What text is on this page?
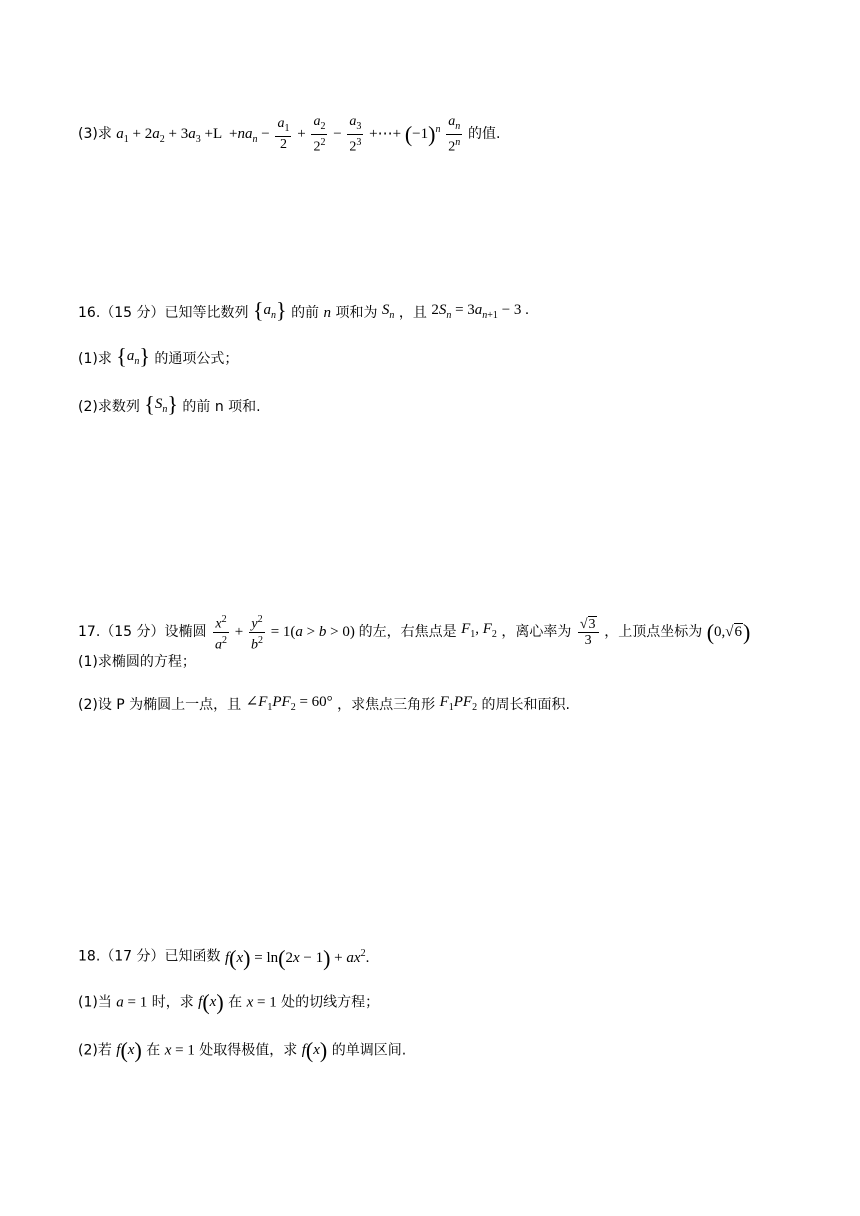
(3)求 $a_1 + 2a_2 + 3a_3 +L +na_n - \frac{a_1}{2} + \frac{a_2}{2^2} - \frac{a_3}{2^3}$ +⋯+ $(-1)^n \frac{a_n}{2^n}$ 的值.
16.（15 分）已知等比数列 $\{a_n\}$ 的前 n 项和为 $S_n$ ，且 $2S_n = 3a_{n+1} - 3$ .
(1)求 $\{a_n\}$ 的通项公式；
(2)求数列 $\{S_n\}$ 的前 n 项和.
17.（15 分）设椭圆 $\frac{x^2}{a^2} + \frac{y^2}{b^2} = 1(a > b > 0)$ 的左，右焦点是 $F_1$, $F_2$ ，离心率为 $\frac{√3}{3}$ ，上顶点坐标为 (0,√6)
(1)求椭圆的方程；
(2)设 P 为椭圆上一点，且 $\angle F_1PF_2 = 60^\circ$ ，求焦点三角形 $F_1PF_2$ 的周长和面积.
18.（17 分）已知函数 $f(x) = \ln(2x - 1) + ax^2$.
(1)当 a = 1 时，求 f(x) 在 x = 1 处的切线方程；
(2)若 f(x) 在 x = 1 处取得极值，求 f(x) 的单调区间.
